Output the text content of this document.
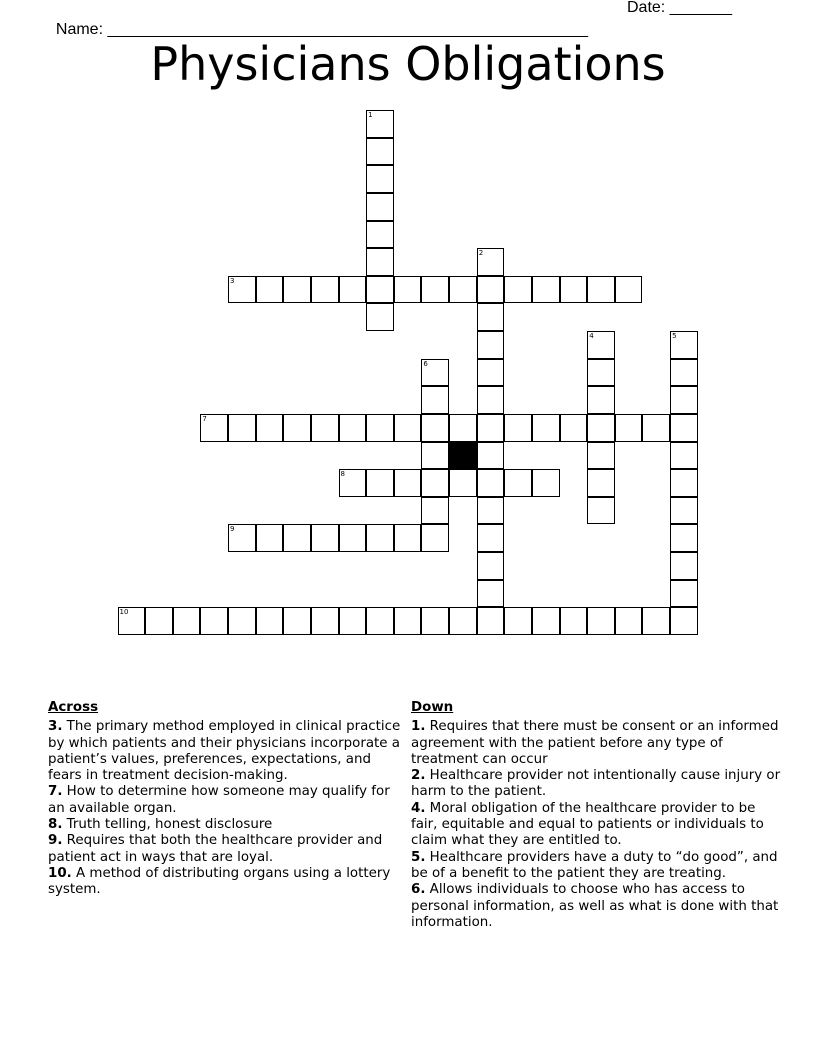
Name: ______________________________________________________

Date: _______

Physicians Obligations
1
2
3
4	5
6
7
8
9
10
Across
3. The primary method employed in clinical practice by which patients and their physicians incorporate a patient’s values, preferences, expectations, and fears in treatment decision-making.
7. How to determine how someone may qualify for an available organ.
8. Truth telling, honest disclosure
9. Requires that both the healthcare provider and patient act in ways that are loyal.
10. A method of distributing organs using a lottery system.
Down
1. Requires that there must be consent or an informed agreement with the patient before any type of treatment can occur
2. Healthcare provider not intentionally cause injury or harm to the patient.
4. Moral obligation of the healthcare provider to be fair, equitable and equal to patients or individuals to claim what they are entitled to.
5. Healthcare providers have a duty to “do good”, and be of a benefit to the patient they are treating.
6. Allows individuals to choose who has access to personal information, as well as what is done with that information.
